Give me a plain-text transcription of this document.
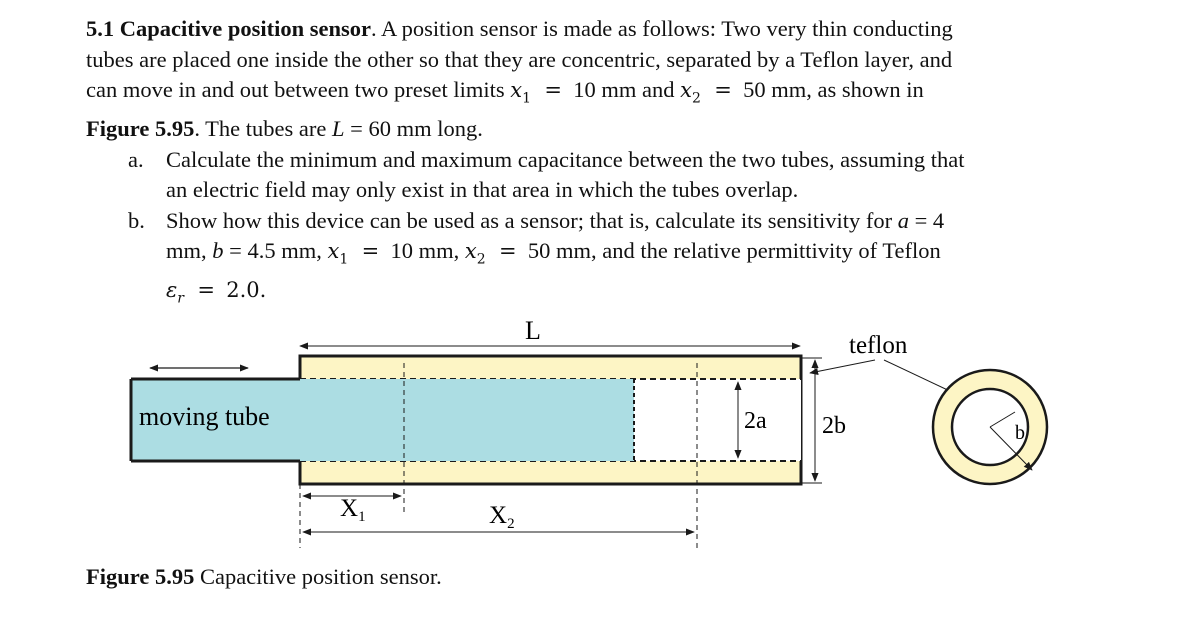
5.1 Capacitive position sensor. A position sensor is made as follows: Two very thin conducting
tubes are placed one inside the other so that they are concentric, separated by a Teflon layer, and
can move in and out between two preset limits $x_1 = 10$ mm and $x_2 = 50$ mm, as shown in
Figure 5.95. The tubes are L = 60 mm long.
a. Calculate the minimum and maximum capacitance between the two tubes, assuming that
an electric field may only exist in that area in which the tubes overlap.
b. Show how this device can be used as a sensor; that is, calculate its sensitivity for a = 4
mm, b = 4.5 mm, $x_1 = 10$ mm, $x_2 = 50$ mm, and the relative permittivity of Teflon
$\varepsilon_r = 2.0$.
L
moving tube
$X_1$	$X_2$
2a 2b
teflon
b
Figure 5.95 Capacitive position sensor.
